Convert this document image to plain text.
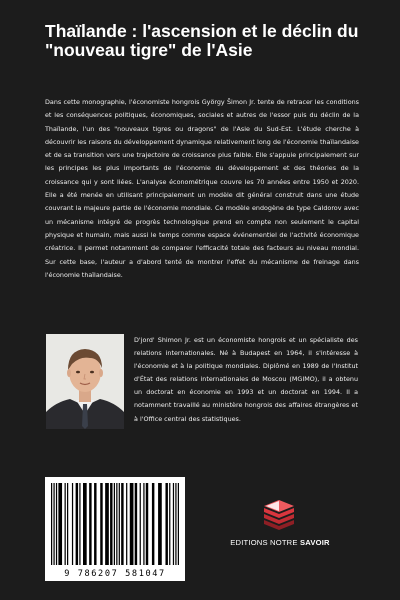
Thaïlande : l'ascension et le déclin du "nouveau tigre" de l'Asie

Dans cette monographie, l'économiste hongrois György Šimon Jr. tente de retracer les conditions et les conséquences politiques, économiques, sociales et autres de l'essor puis du déclin de la Thaïlande, l'un des "nouveaux tigres ou dragons" de l'Asie du Sud-Est. L'étude cherche à découvrir les raisons du développement dynamique relativement long de l'économie thaïlandaise et de sa transition vers une trajectoire de croissance plus faible. Elle s'appuie principalement sur les principes les plus importants de l'économie du développement et des théories de la croissance qui y sont liées. L'analyse économétrique couvre les 70 années entre 1950 et 2020. Elle a été menée en utilisant principalement un modèle dit général construit dans une étude couvrant la majeure partie de l'économie mondiale. Ce modèle endogène de type Caldorov avec un mécanisme intégré de progrès technologique prend en compte non seulement le capital physique et humain, mais aussi le temps comme espace événementiel de l'activité économique créatrice. Il permet notamment de comparer l'efficacité totale des facteurs au niveau mondial. Sur cette base, l'auteur a d'abord tenté de montrer l'effet du mécanisme de freinage dans l'économie thaïlandaise.

D'jord' Shimon Jr. est un économiste hongrois et un spécialiste des relations internationales. Né à Budapest en 1964, il s'intéresse à l'économie et à la politique mondiales. Diplômé en 1989 de l'Institut d'État des relations internationales de Moscou (MGIMO), il a obtenu un doctorat en économie en 1993 et un doctorat en 1994. Il a notamment travaillé au ministère hongrois des affaires étrangères et à l'Office central des statistiques.

9 786207 581047
EDITIONS NOTRE SAVOIR
